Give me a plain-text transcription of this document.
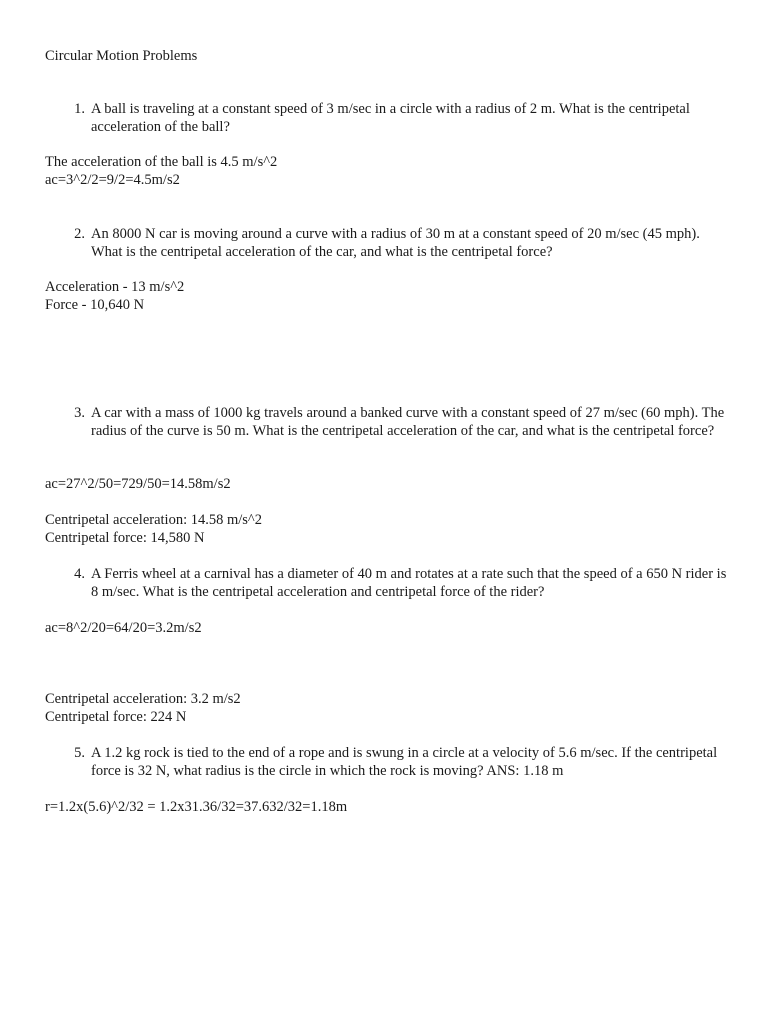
Circular Motion Problems
1. A ball is traveling at a constant speed of 3 m/sec in a circle with a radius of 2 m. What is the centripetal acceleration of the ball?
The acceleration of the ball is 4.5 m/s^2
ac=3^2/2=9/2=4.5m/s2
2. An 8000 N car is moving around a curve with a radius of 30 m at a constant speed of 20 m/sec (45 mph). What is the centripetal acceleration of the car, and what is the centripetal force?
Acceleration - 13 m/s^2
Force - 10,640 N
3. A car with a mass of 1000 kg travels around a banked curve with a constant speed of 27 m/sec (60 mph). The radius of the curve is 50 m. What is the centripetal acceleration of the car, and what is the centripetal force?
ac=27^2/50=729/50=14.58m/s2
Centripetal acceleration: 14.58 m/s^2
Centripetal force: 14,580 N
4. A Ferris wheel at a carnival has a diameter of 40 m and rotates at a rate such that the speed of a 650 N rider is 8 m/sec. What is the centripetal acceleration and centripetal force of the rider?
ac=8^2/20=64/20=3.2m/s2
Centripetal acceleration: 3.2 m/s2
Centripetal force: 224 N
5. A 1.2 kg rock is tied to the end of a rope and is swung in a circle at a velocity of 5.6 m/sec. If the centripetal force is 32 N, what radius is the circle in which the rock is moving? ANS: 1.18 m
r=1.2x(5.6)^2/32 = 1.2x31.36/32=37.632/32=1.18m
